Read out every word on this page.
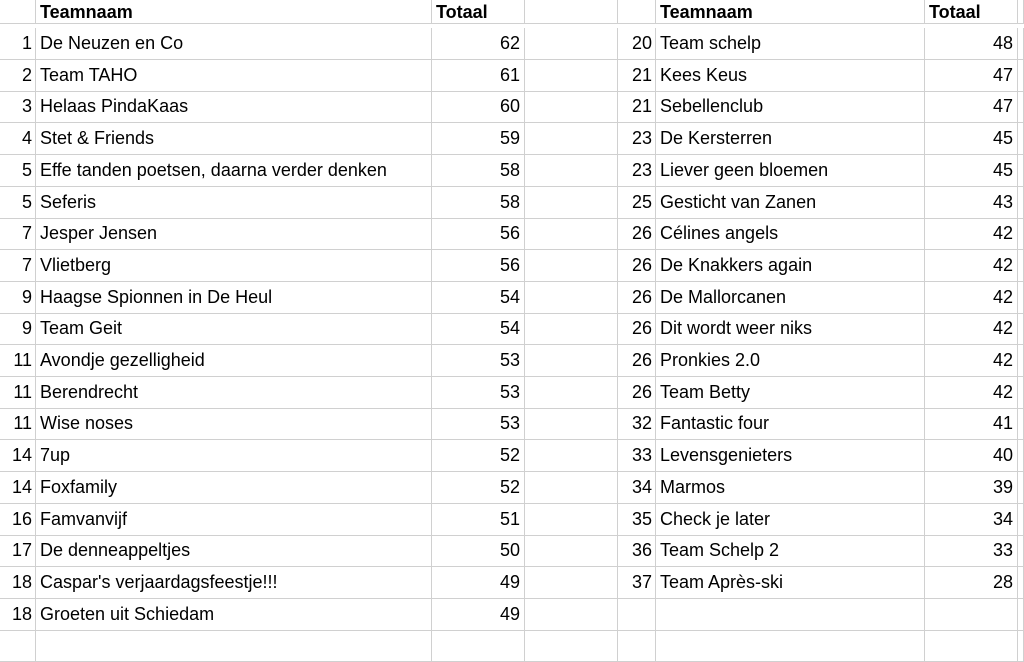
Teamnaam	Totaal	Teamnaam	Totaal
1 De Neuzen en Co	62	20 Team schelp	48
2 Team TAHO	61	21 Kees Keus	47
3 Helaas PindaKaas	60	21 Sebellenclub	47
4 Stet & Friends	59	23 De Kersterren	45
5 Effe tanden poetsen, daarna verder denken	58	23 Liever geen bloemen	45
5 Seferis	58	25 Gesticht van Zanen	43
7 Jesper Jensen	56	26 Célines angels	42
7 Vlietberg	56	26 De Knakkers again	42
9 Haagse Spionnen in De Heul	54	26 De Mallorcanen	42
9 Team Geit	54	26 Dit wordt weer niks	42
11 Avondje gezelligheid	53	26 Pronkies 2.0	42
11 Berendrecht	53	26 Team Betty	42
11 Wise noses	53	32 Fantastic four	41
14 7up	52	33 Levensgenieters	40
14 Foxfamily	52	34 Marmos	39
16 Famvanvijf	51	35 Check je later	34
17 De denneappeltjes	50	36 Team Schelp 2	33
18 Caspar's verjaardagsfeestje!!!	49	37 Team Après-ski	28
18 Groeten uit Schiedam	49
